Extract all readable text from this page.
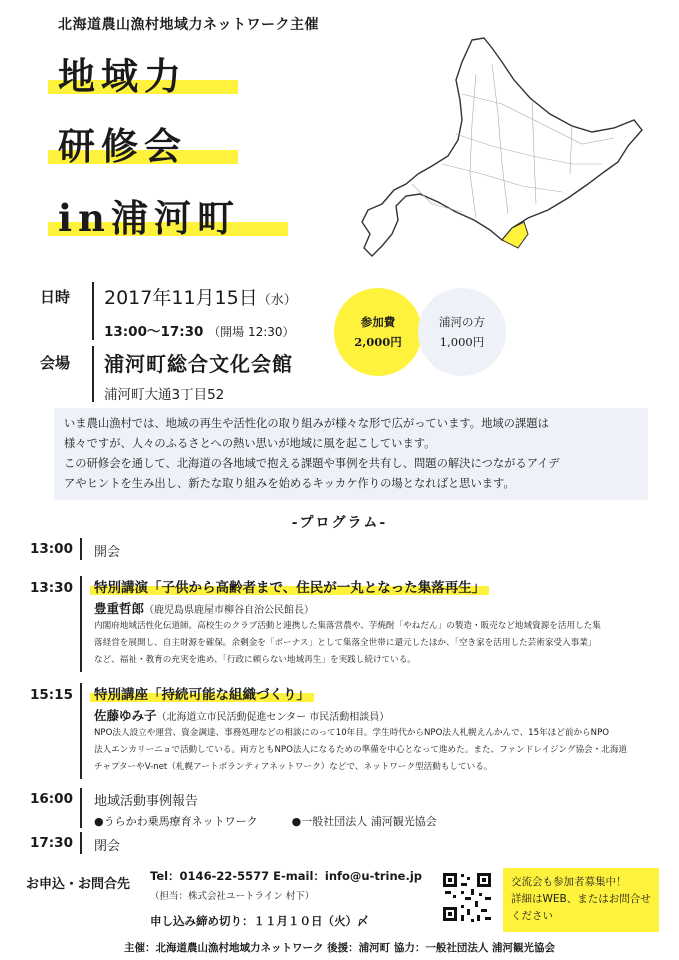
北海道農山漁村地域力ネットワーク主催
地域力
研修会
in浦河町
日時 2017年11月15日（水）
13:00～17:30 （開場 12:30）
会場 浦河町総合文化会館
浦河町大通3丁目52
参加費
2,000円
浦河の方
1,000円

いま農山漁村では、地域の再生や活性化の取り組みが様々な形で広がっています。地域の課題は

様々ですが、人々のふるさとへの熱い思いが地域に風を起こしています。

この研修会を通して、北海道の各地域で抱える課題や事例を共有し、問題の解決につながるアイデ

アやヒントを生み出し、新たな取り組みを始めるキッカケ作りの場となればと思います。

-プログラム-
13:00 開会
13:30 特別講演「子供から高齢者まで、住民が一丸となった集落再生」
豊重哲郎（鹿児島県鹿屋市柳谷自治公民館長）
内閣府地域活性化伝道師。高校生のクラブ活動と連携した集落営農や、芋焼酎「やねだん」の製造・販売など地域資源を活用した集
落経営を展開し、自主財源を確保。余剰金を「ボーナス」として集落全世帯に還元したほか、「空き家を活用した芸術家受入事業」
など、福祉・教育の充実を進め、「行政に頼らない地域再生」を実践し続けている。
15:15 特別講座「持続可能な組織づくり」
佐藤ゆみ子（北海道立市民活動促進センター 市民活動相談員）
NPO法人設立や運営、資金調達、事務処理などの相談にのって10年目。学生時代からNPO法人札幌えんかんで、15年ほど前からNPO
法人エンカリーニョで活動している。両方ともNPO法人になるための準備を中心となって進めた。また、ファンドレイジング協会・北海道
チャプターやV-net（札幌アートボランティアネットワーク）などで、ネットワーク型活動もしている。
16:00 地域活動事例報告
●うらかわ乗馬療育ネットワーク	●一般社団法人 浦河観光協会
17:30 閉会
お申込・お問合先
Tel：0146-22-5577 E-mail：info@u-trine.jp
（担当：株式会社ユートライン 村下）
申し込み締め切り：１１月１０日（火）〆
交流会も参加者募集中！
詳細はWEB、またはお問合せ
ください
主催：北海道農山漁村地域力ネットワーク 後援：浦河町 協力：一般社団法人 浦河観光協会
